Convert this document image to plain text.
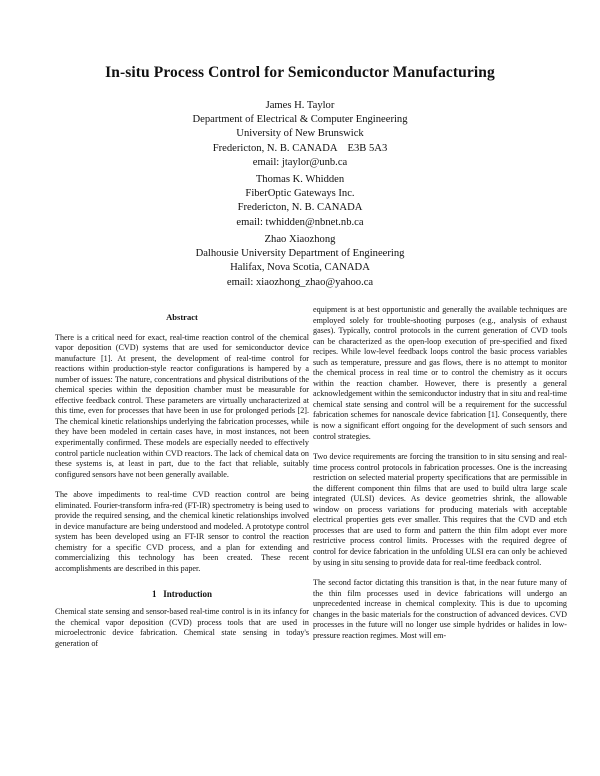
In-situ Process Control for Semiconductor Manufacturing
James H. Taylor
Department of Electrical & Computer Engineering
University of New Brunswick
Fredericton, N. B. CANADA    E3B 5A3
email: jtaylor@unb.ca
Thomas K. Whidden
FiberOptic Gateways Inc.
Fredericton, N. B. CANADA
email: twhidden@nbnet.nb.ca
Zhao Xiaozhong
Dalhousie University Department of Engineering
Halifax, Nova Scotia, CANADA
email: xiaozhong_zhao@yahoo.ca
Abstract

There is a critical need for exact, real-time reaction control of the chemical vapor deposition (CVD) systems that are used for semiconductor device manufacture [1]. At present, the development of real-time control for reactions within production-style reactor configurations is hampered by a number of issues: The nature, concentrations and physical distributions of the chemical species within the deposition chamber must be measurable for effective feedback control. These parameters are virtually uncharacterized at this time, even for processes that have been in use for prolonged periods [2]. The chemical kinetic relationships underlying the fabrication processes, while they have been modeled in certain cases have, in most instances, not been experimentally confirmed. These models are especially needed to effectively control particle nucleation within CVD reactors. The lack of chemical data on these systems is, at least in part, due to the fact that reliable, suitably configured sensors have not been generally available.

The above impediments to real-time CVD reaction control are being eliminated. Fourier-transform infra-red (FT-IR) spectrometry is being used to provide the required sensing, and the chemical kinetic relationships involved in device manufacture are being understood and modeled. A prototype control system has been developed using an FT-IR sensor to control the reaction chemistry for a specific CVD process, and a plan for extending and commercializing this technology has been created. These recent accomplishments are described in this paper.

1   Introduction

Chemical state sensing and sensor-based real-time control is in its infancy for the chemical vapor deposition (CVD) process tools that are used in microelectronic device fabrication. Chemical state sensing in today's generation of

equipment is at best opportunistic and generally the available techniques are employed solely for trouble-shooting purposes (e.g., analysis of exhaust gases). Typically, control protocols in the current generation of CVD tools can be characterized as the open-loop execution of pre-specified and fixed recipes. While low-level feedback loops control the basic process variables such as temperature, pressure and gas flows, there is no attempt to monitor the chemical process in real time or to control the chemistry as it occurs within the reaction chamber. However, there is presently a general acknowledgement within the semiconductor industry that in situ and real-time chemical state sensing and control will be a requirement for the successful fabrication schemes for nanoscale device fabrication [1]. Consequently, there is now a significant effort ongoing for the development of such sensors and control strategies.

Two device requirements are forcing the transition to in situ sensing and real-time process control protocols in fabrication processes. One is the increasing restriction on selected material property specifications that are permissible in the different component thin films that are used to build ultra large scale integrated (ULSI) devices. As device geometries shrink, the allowable window on process variations for producing materials with acceptable electrical properties gets ever smaller. This requires that the CVD and etch processes that are used to form and pattern the thin film adopt ever more restrictive process control limits. Processes with the required degree of control for device fabrication in the unfolding ULSI era can only be achieved by using in situ sensing to provide data for real-time feedback control.

The second factor dictating this transition is that, in the near future many of the thin film processes used in device fabrications will undergo an unprecedented increase in chemical complexity. This is due to upcoming changes in the basic materials for the construction of advanced devices. CVD processes in the future will no longer use simple hydrides or halides in low-pressure reaction regimes. Most will em-
